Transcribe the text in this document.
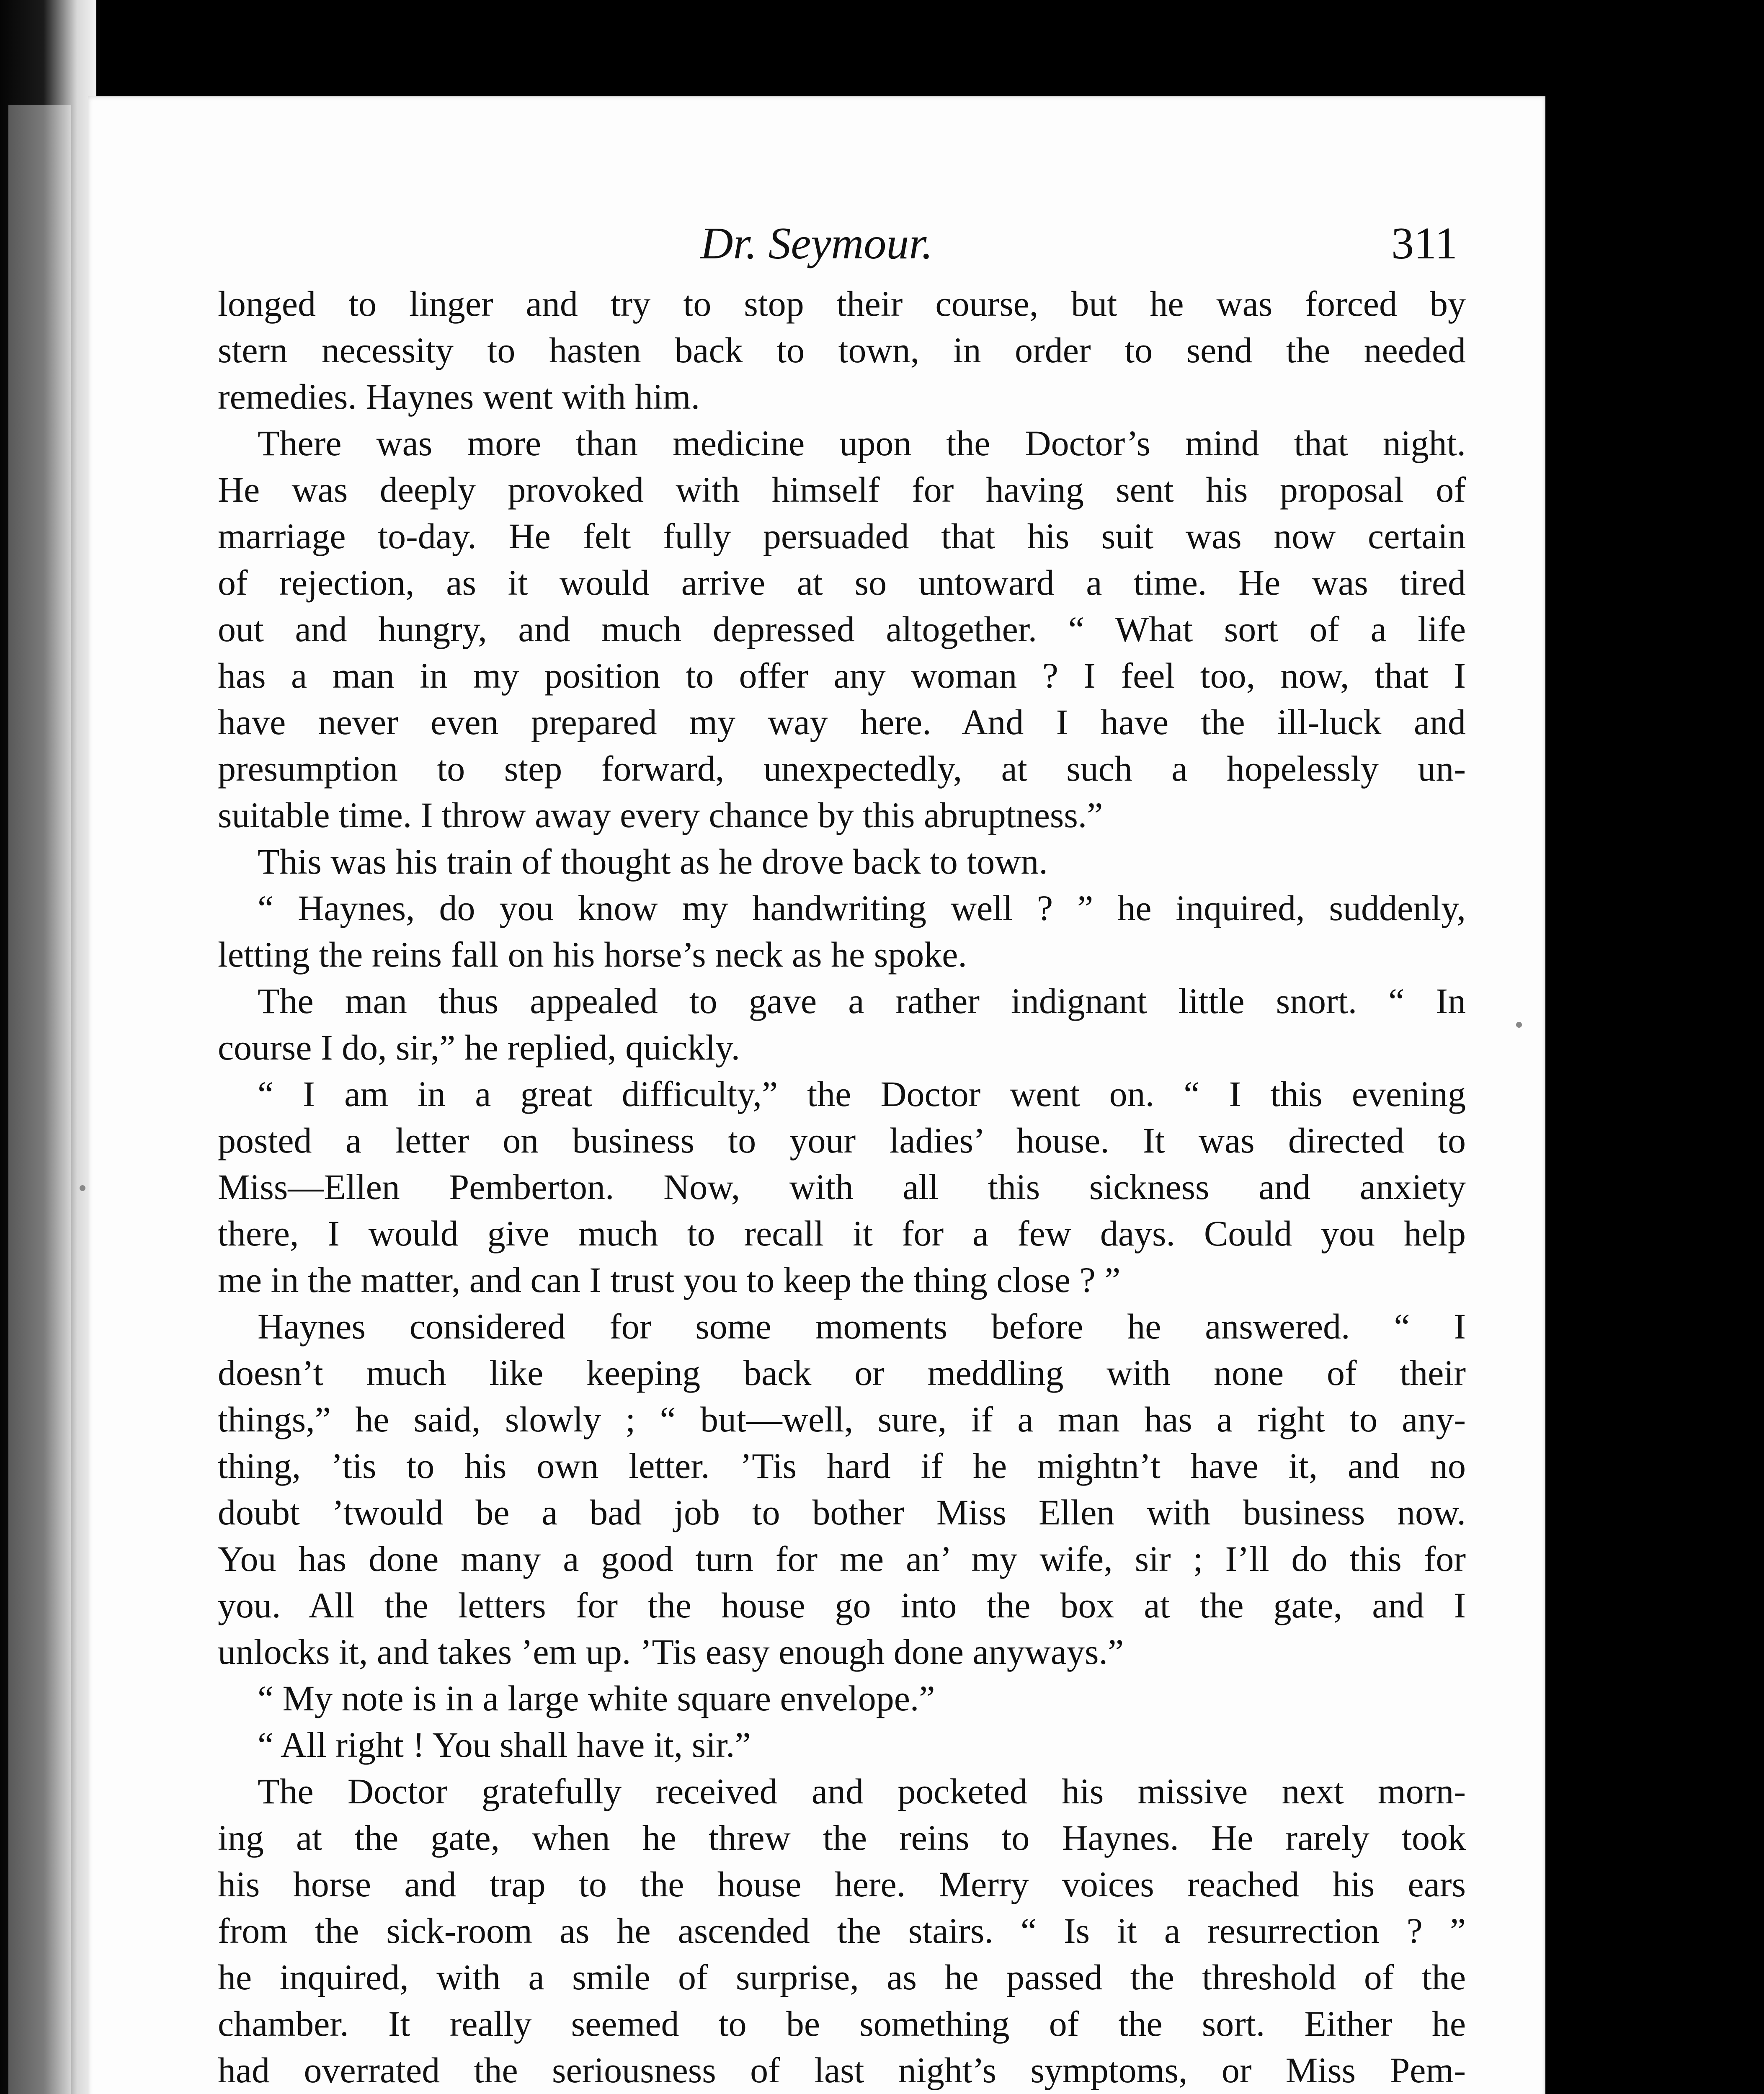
Dr. Seymour.	311

longed to linger and try to stop their course, but he was forced by

stern necessity to hasten back to town, in order to send the needed

remedies. Haynes went with him.

There was more than medicine upon the Doctor’s mind that night.

He was deeply provoked with himself for having sent his proposal of

marriage to-day. He felt fully persuaded that his suit was now certain

of rejection, as it would arrive at so untoward a time. He was tired

out and hungry, and much depressed altogether. “ What sort of a life

has a man in my position to offer any woman ? I feel too, now, that I

have never even prepared my way here. And I have the ill-luck and

presumption to step forward, unexpectedly, at such a hopelessly un-

suitable time. I throw away every chance by this abruptness.”

This was his train of thought as he drove back to town.

“ Haynes, do you know my handwriting well ? ” he inquired, suddenly,

letting the reins fall on his horse’s neck as he spoke.

The man thus appealed to gave a rather indignant little snort. “ In

course I do, sir,” he replied, quickly.

“ I am in a great difficulty,” the Doctor went on. “ I this evening

posted a letter on business to your ladies’ house. It was directed to

Miss—Ellen Pemberton. Now, with all this sickness and anxiety

there, I would give much to recall it for a few days. Could you help

me in the matter, and can I trust you to keep the thing close ? ”

Haynes considered for some moments before he answered. “ I

doesn’t much like keeping back or meddling with none of their

things,” he said, slowly ; “ but—well, sure, if a man has a right to any-

thing, ’tis to his own letter. ’Tis hard if he mightn’t have it, and no

doubt ’twould be a bad job to bother Miss Ellen with business now.

You has done many a good turn for me an’ my wife, sir ; I’ll do this for

you. All the letters for the house go into the box at the gate, and I

unlocks it, and takes ’em up. ’Tis easy enough done anyways.”

“ My note is in a large white square envelope.”

“ All right ! You shall have it, sir.”

The Doctor gratefully received and pocketed his missive next morn-

ing at the gate, when he threw the reins to Haynes. He rarely took

his horse and trap to the house here. Merry voices reached his ears

from the sick-room as he ascended the stairs. “ Is it a resurrection ? ”

he inquired, with a smile of surprise, as he passed the threshold of the

chamber. It really seemed to be something of the sort. Either he

had overrated the seriousness of last night’s symptoms, or Miss Pem-
